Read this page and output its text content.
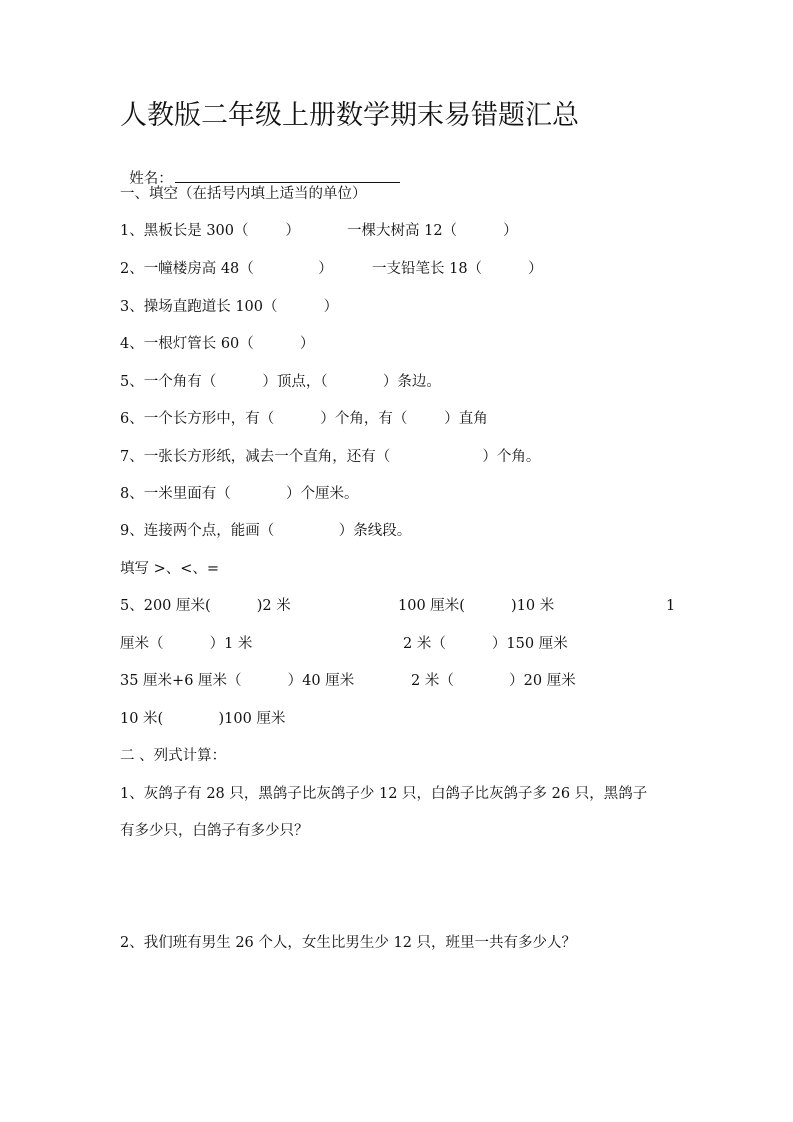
人教版二年级上册数学期末易错题汇总

姓名：

一、填空（在括号内填上适当的单位）
1、黑板长是 300（        ）	一棵大树高 12（          ）
2、一幢楼房高 48（              ）	一支铅笔长 18（          ）
3、操场直跑道长 100（          ）
4、一根灯管长 60（          ）
5、一个角有（          ）顶点，（            ）条边。
6、一个长方形中，有（          ）个角，有（        ）直角
7、一张长方形纸，减去一个直角，还有（                    ）个角。
8、一米里面有（            ）个厘米。
9、连接两个点，能画（              ）条线段。
填写 >、<、=
5、200 厘米(          )2 米	100 厘米(          )10 米	1
厘米（          ）1 米	2 米（          ）150 厘米
35 厘米+6 厘米（          ）40 厘米	2 米（            ）20 厘米
10 米(            )100 厘米
二 、列式计算：
1、灰鸽子有 28 只，黑鸽子比灰鸽子少 12 只，白鸽子比灰鸽子多 26 只，黑鸽子
有多少只，白鸽子有多少只？
2、我们班有男生 26 个人，女生比男生少 12 只，班里一共有多少人？
